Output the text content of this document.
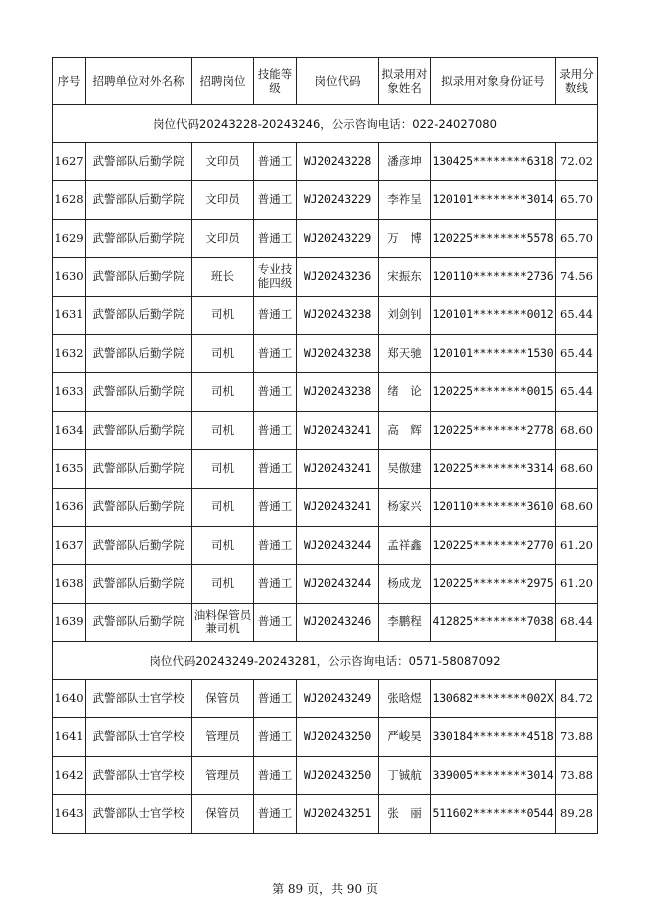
序号	招聘单位对外名称	招聘岗位	技能等级	岗位代码	拟录用对象姓名	拟录用对象身份证号	录用分数线
岗位代码20243228-20243246，公示咨询电话：022-24027080							
1627	武警部队后勤学院	文印员	普通工	WJ20243228	潘彦坤	130425********6318	72.02
1628	武警部队后勤学院	文印员	普通工	WJ20243229	李祚呈	120101********3014	65.70
1629	武警部队后勤学院	文印员	普通工	WJ20243229	万　博	120225********5578	65.70
1630	武警部队后勤学院	班长	专业技能四级	WJ20243236	宋振东	120110********2736	74.56
1631	武警部队后勤学院	司机	普通工	WJ20243238	刘剑钊	120101********0012	65.44
1632	武警部队后勤学院	司机	普通工	WJ20243238	郑天驰	120101********1530	65.44
1633	武警部队后勤学院	司机	普通工	WJ20243238	绪　论	120225********0015	65.44
1634	武警部队后勤学院	司机	普通工	WJ20243241	高　辉	120225********2778	68.60
1635	武警部队后勤学院	司机	普通工	WJ20243241	吴傲建	120225********3314	68.60
1636	武警部队后勤学院	司机	普通工	WJ20243241	杨家兴	120110********3610	68.60
1637	武警部队后勤学院	司机	普通工	WJ20243244	孟祥鑫	120225********2770	61.20
1638	武警部队后勤学院	司机	普通工	WJ20243244	杨成龙	120225********2975	61.20
1639	武警部队后勤学院	油料保管员兼司机	普通工	WJ20243246	李鹏程	412825********7038	68.44
岗位代码20243249-20243281，公示咨询电话：0571-58087092							
1640	武警部队士官学校	保管员	普通工	WJ20243249	张晗煜	130682********002X	84.72
1641	武警部队士官学校	管理员	普通工	WJ20243250	严峻昊	330184********4518	73.88
1642	武警部队士官学校	管理员	普通工	WJ20243250	丁铖航	339005********3014	73.88
1643	武警部队士官学校	保管员	普通工	WJ20243251	张　丽	511602********0544	89.28
第 89 页，共 90 页
